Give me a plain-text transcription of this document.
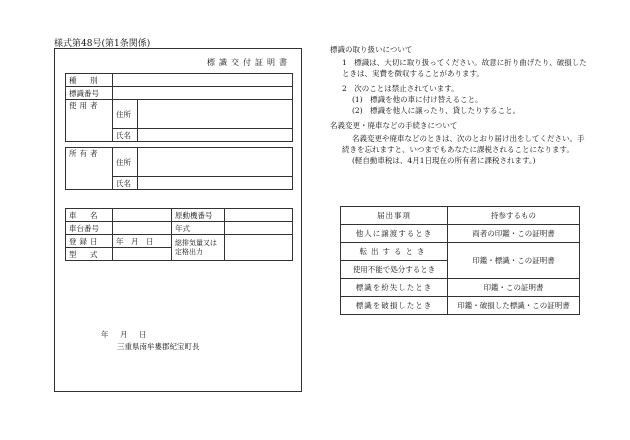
様式第48号(第1条関係)
標識交付証明書
種　別	
標識番号	
使用者	住所	
	氏名	
所有者	住所	
	氏名	
車　名		原動機番号	
車台番号		年式	
登録日	年　月　日	総排気量又は定格出力	
型　式			
年　月　日
三重県南牟婁郡紀宝町長
標識の取り扱いについて
1　標識は、大切に取り扱ってください。故意に折り曲げたり、破損したときは、実費を徴収することがあります。
2　次のことは禁止されています。
(1)　標識を他の車に付け替えること。
(2)　標識を他人に譲ったり、貸したりすること。
名義変更・廃車などの手続きについて
名義変更や廃車などのときは、次のとおり届け出をしてください。手続きを忘れますと、いつまでもあなたに課税されることになります。
(軽自動車税は、4月1日現在の所有者に課税されます。)
届出事項	持参するもの
他人に譲渡するとき	両者の印鑑・この証明書
転出するとき	印鑑・標識・この証明書
使用不能で処分するとき	
標識を紛失したとき	印鑑・この証明書
標識を破損したとき	印鑑・破損した標識・この証明書
